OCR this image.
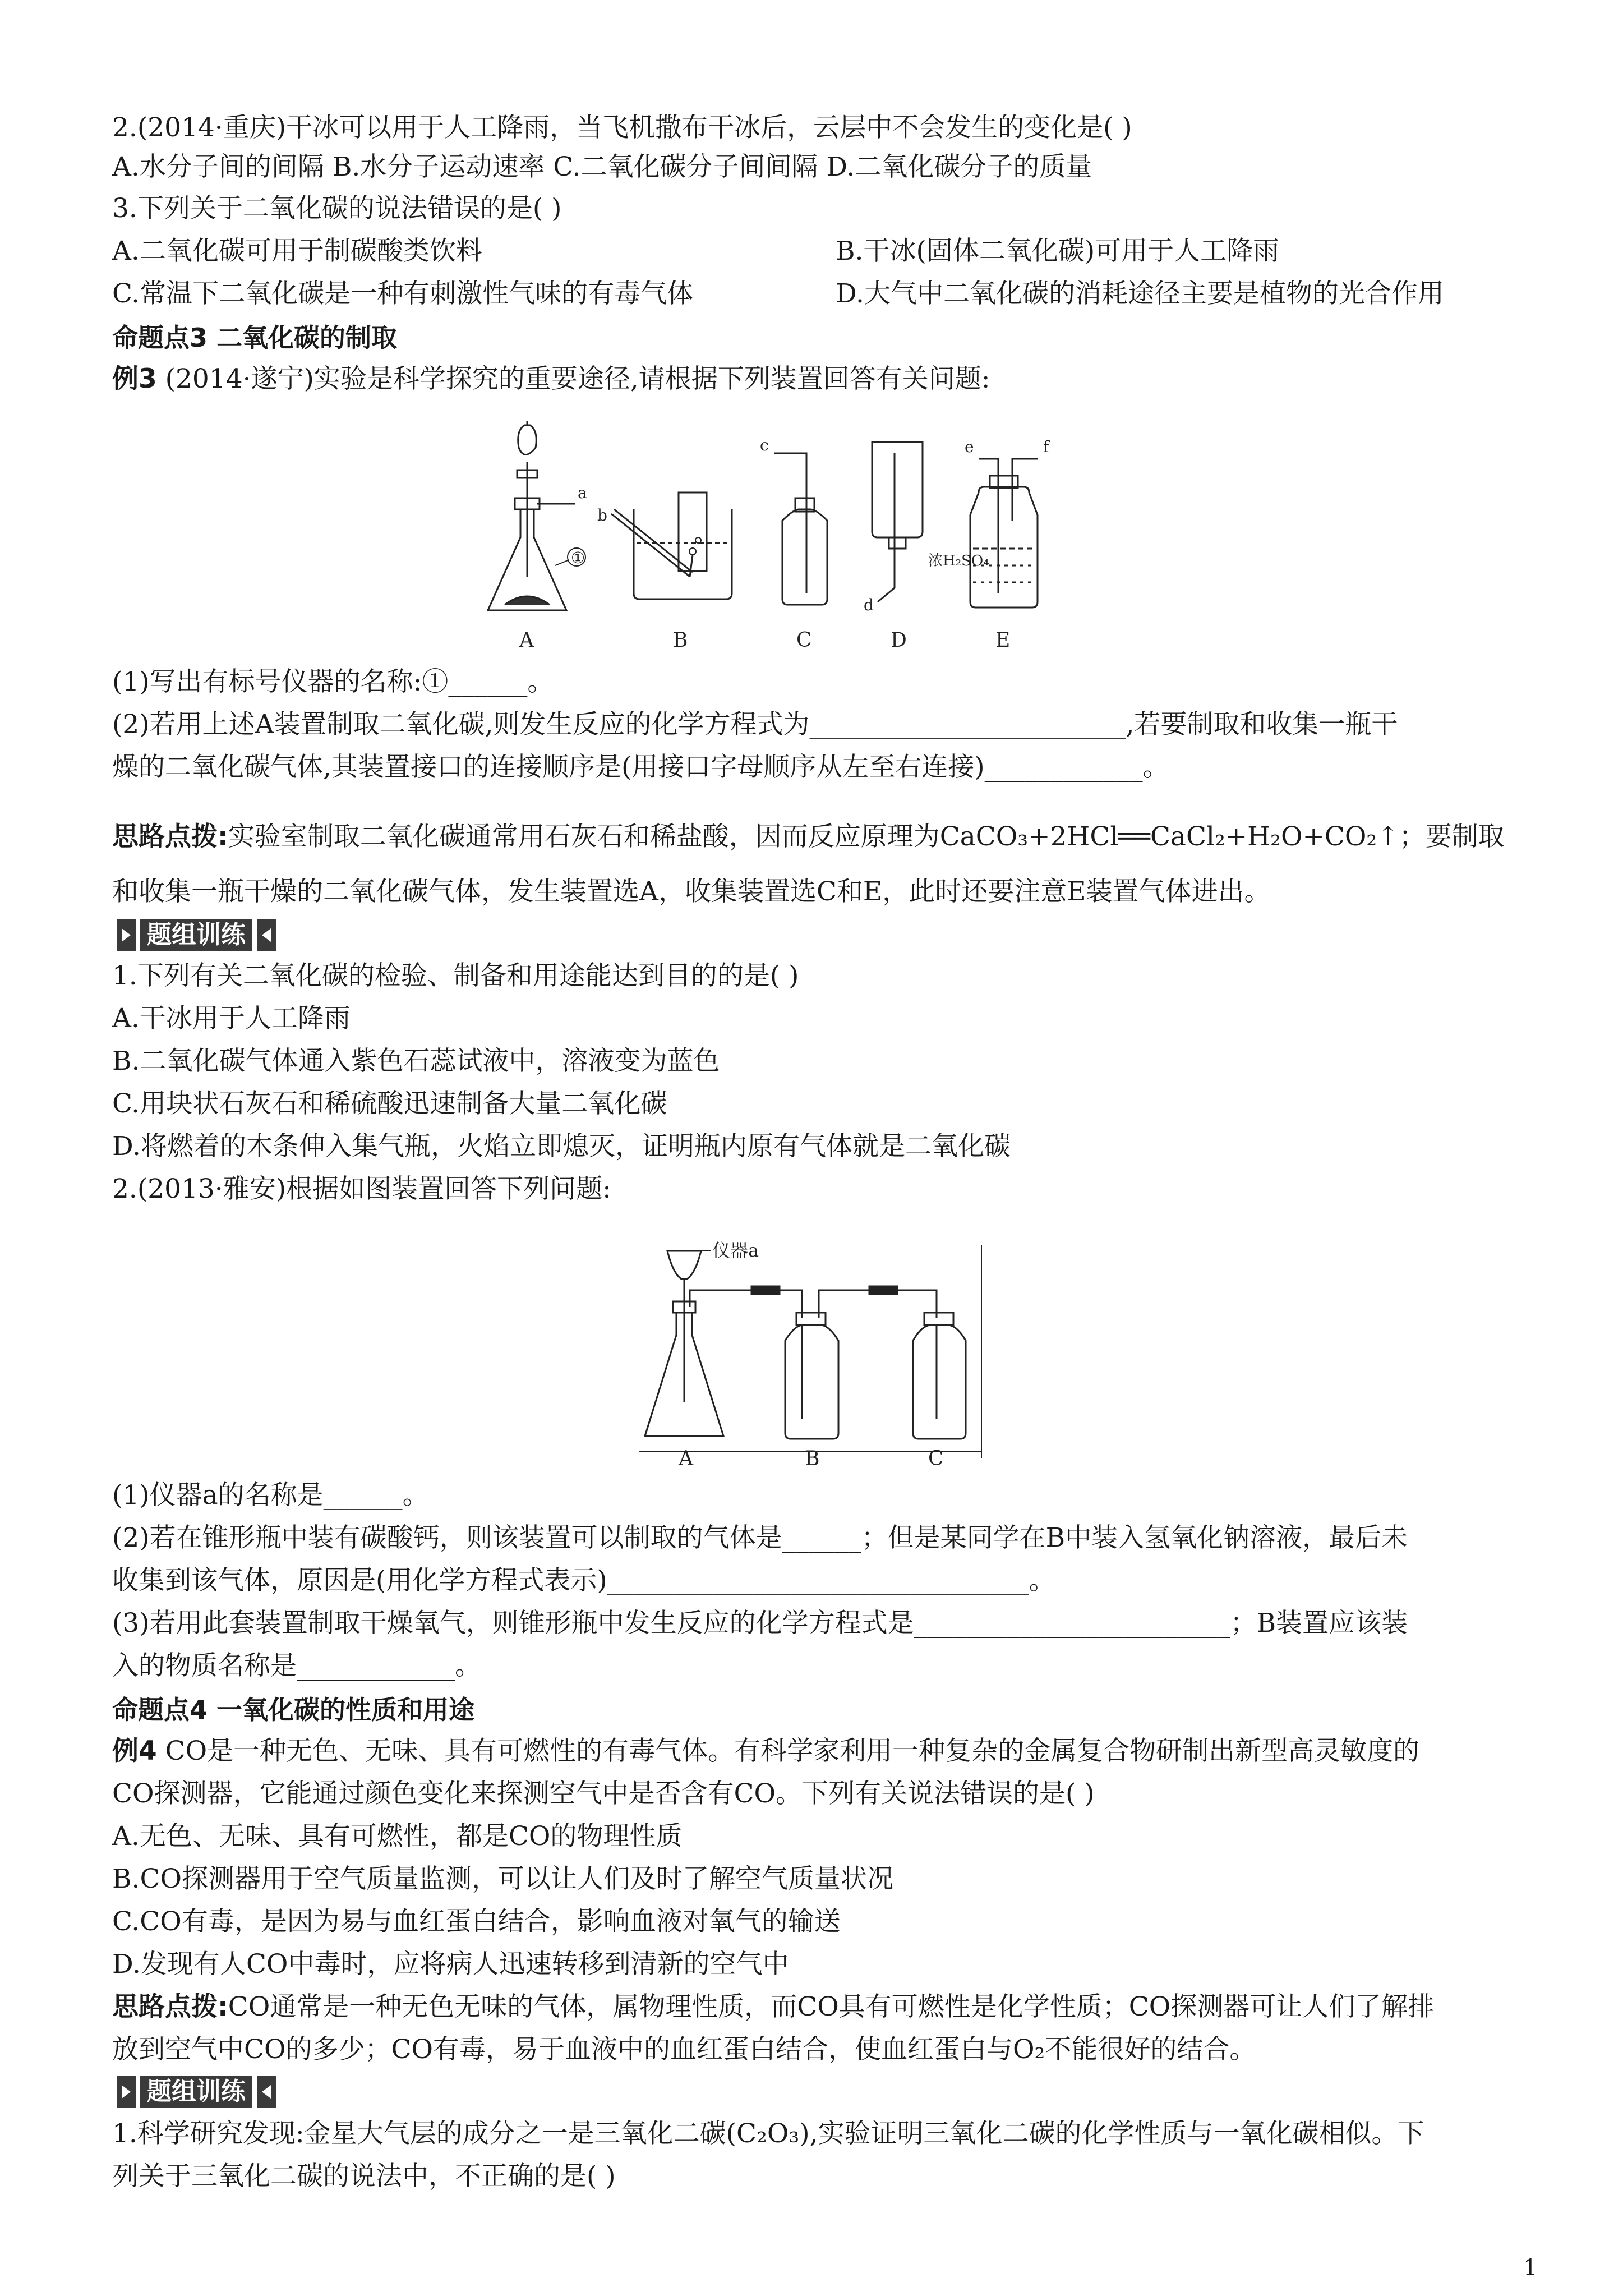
2.(2014·重庆)干冰可以用于人工降雨，当飞机撒布干冰后，云层中不会发生的变化是( )
A.水分子间的间隔 B.水分子运动速率 C.二氧化碳分子间间隔 D.二氧化碳分子的质量
3.下列关于二氧化碳的说法错误的是( )
A.二氧化碳可用于制碳酸类饮料	B.干冰(固体二氧化碳)可用于人工降雨
C.常温下二氧化碳是一种有刺激性气味的有毒气体	D.大气中二氧化碳的消耗途径主要是植物的光合作用
命题点3 二氧化碳的制取
例3 (2014·遂宁)实验是科学探究的重要途径,请根据下列装置回答有关问题:
A	B	C	D	E
a
b
c
d
e	f
①	浓H₂SO₄
(1)写出有标号仪器的名称:①______。
(2)若用上述A装置制取二氧化碳,则发生反应的化学方程式为________________________,若要制取和收集一瓶干
燥的二氧化碳气体,其装置接口的连接顺序是(用接口字母顺序从左至右连接)____________。
思路点拨:实验室制取二氧化碳通常用石灰石和稀盐酸，因而反应原理为CaCO₃+2HCl══CaCl₂+H₂O+CO₂↑；要制取
和收集一瓶干燥的二氧化碳气体，发生装置选A，收集装置选C和E，此时还要注意E装置气体进出。
题组训练
1.下列有关二氧化碳的检验、制备和用途能达到目的的是( )
A.干冰用于人工降雨
B.二氧化碳气体通入紫色石蕊试液中，溶液变为蓝色
C.用块状石灰石和稀硫酸迅速制备大量二氧化碳
D.将燃着的木条伸入集气瓶，火焰立即熄灭，证明瓶内原有气体就是二氧化碳
2.(2013·雅安)根据如图装置回答下列问题:
A	B	C
仪器a
(1)仪器a的名称是______。
(2)若在锥形瓶中装有碳酸钙，则该装置可以制取的气体是______；但是某同学在B中装入氢氧化钠溶液，最后未
收集到该气体，原因是(用化学方程式表示)________________________________。
(3)若用此套装置制取干燥氧气，则锥形瓶中发生反应的化学方程式是________________________；B装置应该装
入的物质名称是____________。
命题点4 一氧化碳的性质和用途
例4 CO是一种无色、无味、具有可燃性的有毒气体。有科学家利用一种复杂的金属复合物研制出新型高灵敏度的
CO探测器，它能通过颜色变化来探测空气中是否含有CO。下列有关说法错误的是( )
A.无色、无味、具有可燃性，都是CO的物理性质
B.CO探测器用于空气质量监测，可以让人们及时了解空气质量状况
C.CO有毒，是因为易与血红蛋白结合，影响血液对氧气的输送
D.发现有人CO中毒时，应将病人迅速转移到清新的空气中
思路点拨:CO通常是一种无色无味的气体，属物理性质，而CO具有可燃性是化学性质；CO探测器可让人们了解排
放到空气中CO的多少；CO有毒，易于血液中的血红蛋白结合，使血红蛋白与O₂不能很好的结合。
题组训练
1.科学研究发现:金星大气层的成分之一是三氧化二碳(C₂O₃),实验证明三氧化二碳的化学性质与一氧化碳相似。下
列关于三氧化二碳的说法中，不正确的是( )
1
